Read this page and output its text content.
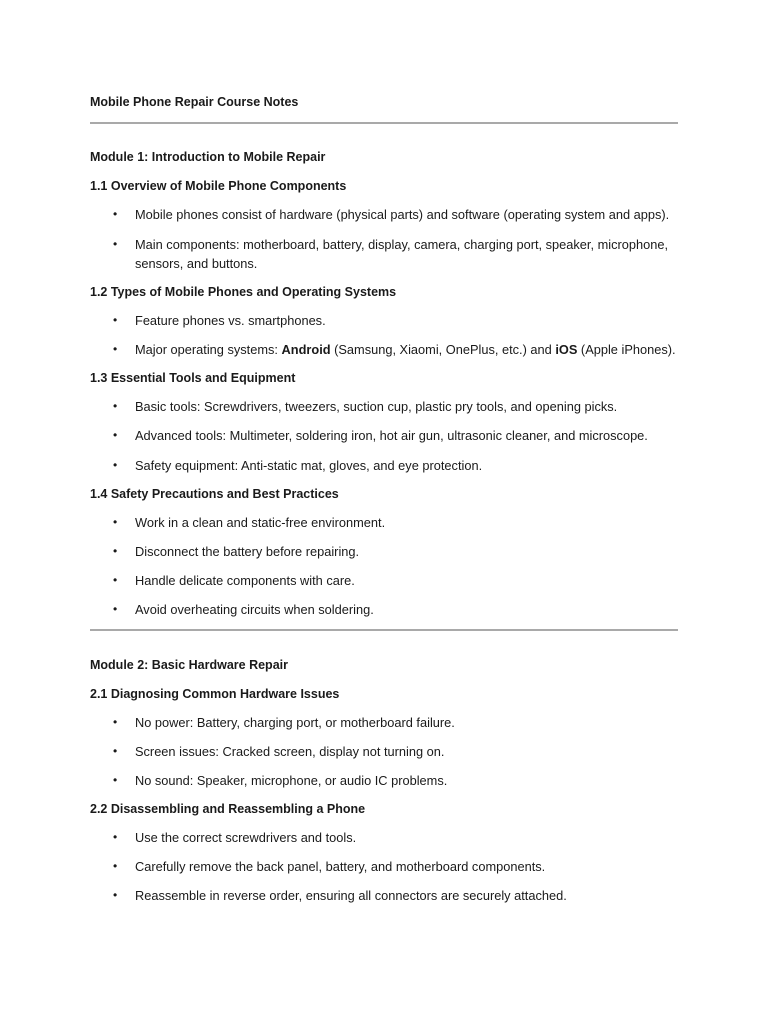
Mobile Phone Repair Course Notes

Module 1: Introduction to Mobile Repair

1.1 Overview of Mobile Phone Components

• Mobile phones consist of hardware (physical parts) and software (operating system and apps).
• Main components: motherboard, battery, display, camera, charging port, speaker, microphone, sensors, and buttons.

1.2 Types of Mobile Phones and Operating Systems

• Feature phones vs. smartphones.
• Major operating systems: Android (Samsung, Xiaomi, OnePlus, etc.) and iOS (Apple iPhones).

1.3 Essential Tools and Equipment

• Basic tools: Screwdrivers, tweezers, suction cup, plastic pry tools, and opening picks.
• Advanced tools: Multimeter, soldering iron, hot air gun, ultrasonic cleaner, and microscope.
• Safety equipment: Anti-static mat, gloves, and eye protection.

1.4 Safety Precautions and Best Practices

• Work in a clean and static-free environment.
• Disconnect the battery before repairing.
• Handle delicate components with care.
• Avoid overheating circuits when soldering.

Module 2: Basic Hardware Repair

2.1 Diagnosing Common Hardware Issues

• No power: Battery, charging port, or motherboard failure.
• Screen issues: Cracked screen, display not turning on.
• No sound: Speaker, microphone, or audio IC problems.

2.2 Disassembling and Reassembling a Phone

• Use the correct screwdrivers and tools.
• Carefully remove the back panel, battery, and motherboard components.
• Reassemble in reverse order, ensuring all connectors are securely attached.
